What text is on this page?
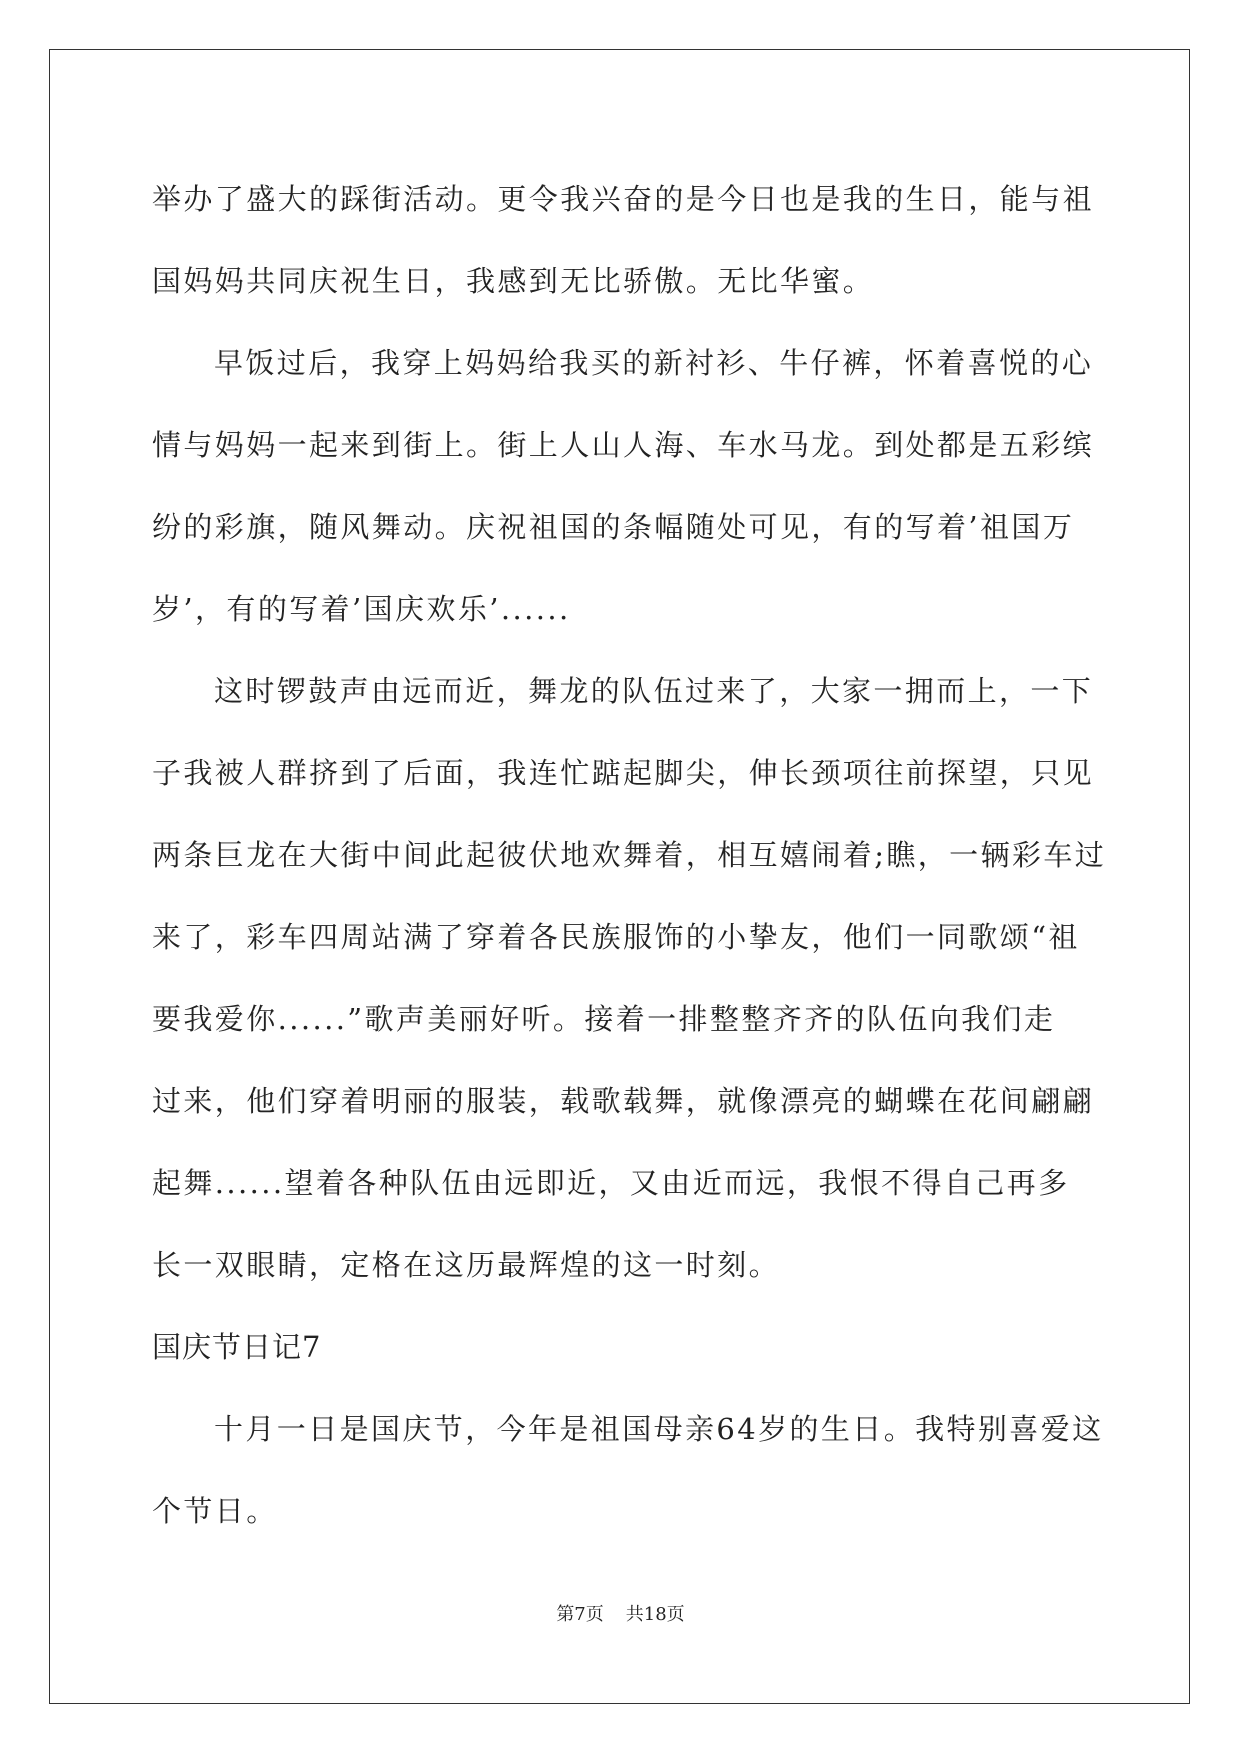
举办了盛大的踩街活动。更令我兴奋的是今日也是我的生日，能与祖
国妈妈共同庆祝生日，我感到无比骄傲。无比华蜜。
早饭过后，我穿上妈妈给我买的新衬衫、牛仔裤，怀着喜悦的心
情与妈妈一起来到街上。街上人山人海、车水马龙。到处都是五彩缤
纷的彩旗，随风舞动。庆祝祖国的条幅随处可见，有的写着’祖国万
岁’，有的写着’国庆欢乐’......
这时锣鼓声由远而近，舞龙的队伍过来了，大家一拥而上，一下
子我被人群挤到了后面，我连忙踮起脚尖，伸长颈项往前探望，只见
两条巨龙在大街中间此起彼伏地欢舞着，相互嬉闹着;瞧，一辆彩车过
来了，彩车四周站满了穿着各民族服饰的小挚友，他们一同歌颂“祖
要我爱你......”歌声美丽好听。接着一排整整齐齐的队伍向我们走
过来，他们穿着明丽的服装，载歌载舞，就像漂亮的蝴蝶在花间翩翩
起舞......望着各种队伍由远即近，又由近而远，我恨不得自己再多
长一双眼睛，定格在这历最辉煌的这一时刻。
国庆节日记7
十月一日是国庆节，今年是祖国母亲64岁的生日。我特别喜爱这
个节日。
第7页 共18页
